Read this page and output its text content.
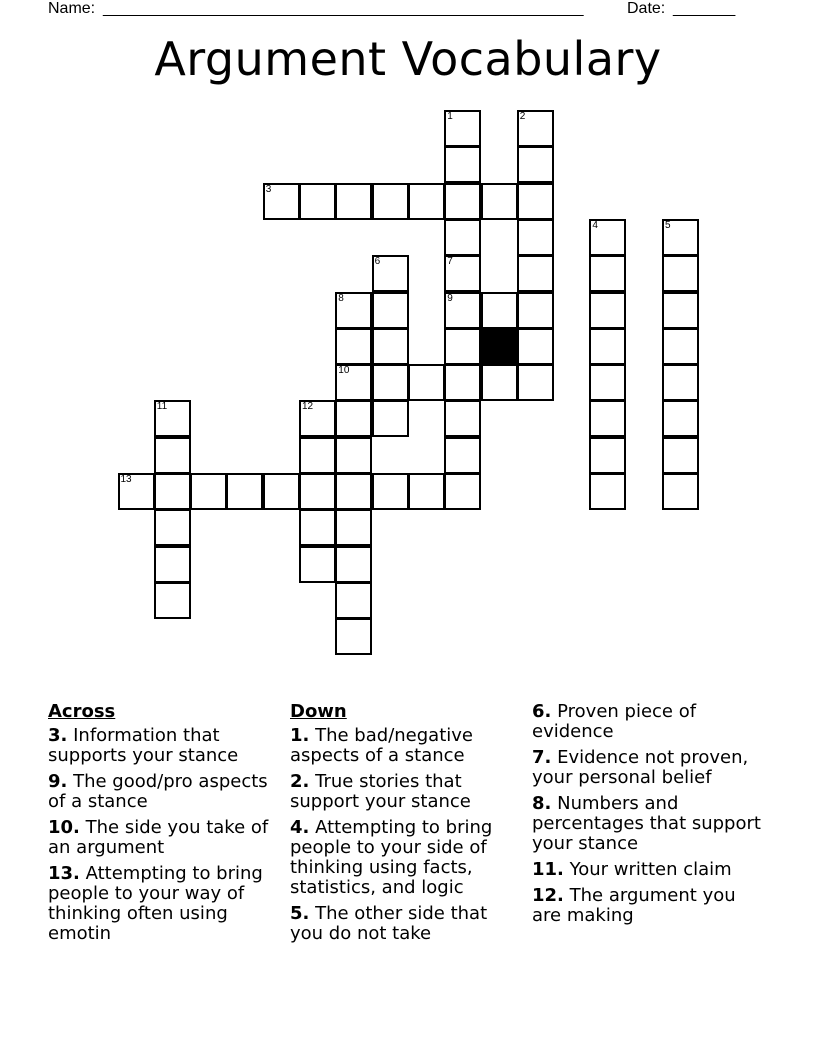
Name: ______________________________________________________	Date: _______
Argument Vocabulary
1
7
9
2
3
4	5
6
8
10
11	12
13
Across
3. Information that supports your stance
9. The good/pro aspects of a stance
10. The side you take of an argument
13. Attempting to bring people to your way of thinking often using emotin
Down
1. The bad/negative aspects of a stance
2. True stories that support your stance
4. Attempting to bring people to your side of thinking using facts, statistics, and logic
5. The other side that you do not take
6. Proven piece of evidence
7. Evidence not proven, your personal belief
8. Numbers and percentages that support your stance
11. Your written claim
12. The argument you are making
